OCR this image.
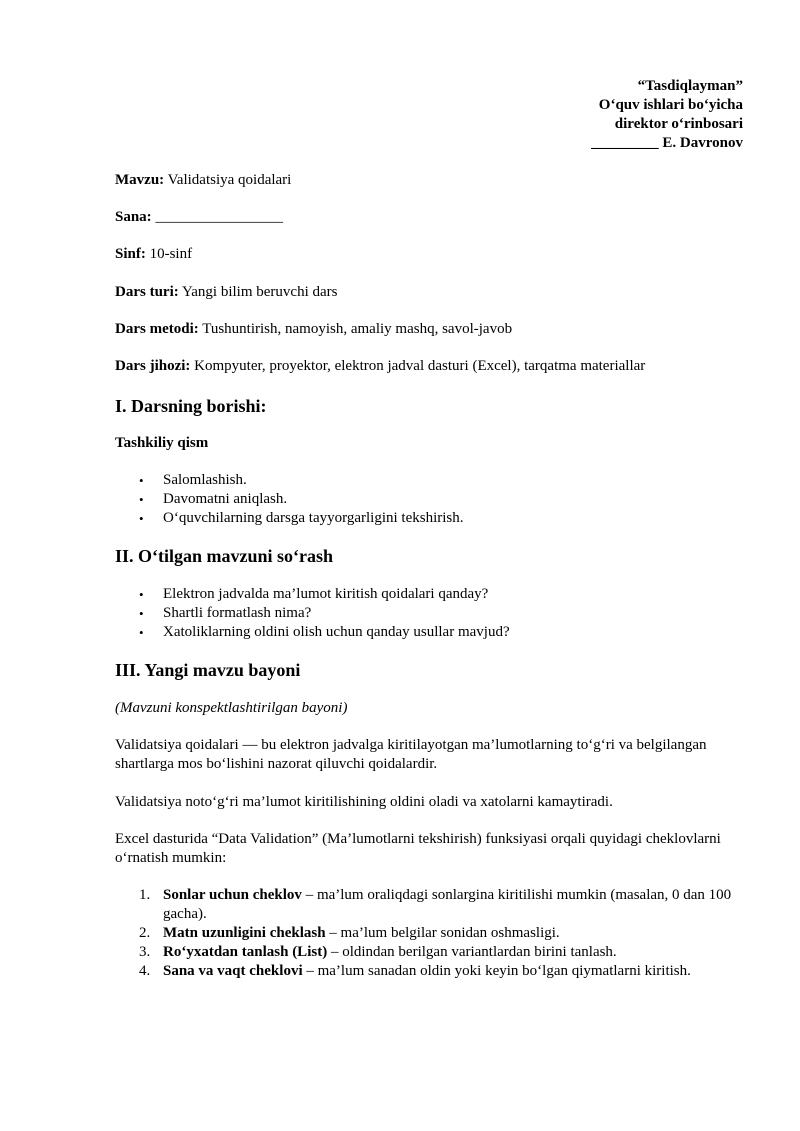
“Tasdiqlayman”
O‘quv ishlari bo‘yicha
direktor o‘rinbosari
_________ E. Davronov
Mavzu: Validatsiya qoidalari
Sana: _________________
Sinf: 10-sinf
Dars turi: Yangi bilim beruvchi dars
Dars metodi: Tushuntirish, namoyish, amaliy mashq, savol-javob
Dars jihozi: Kompyuter, proyektor, elektron jadval dasturi (Excel), tarqatma materiallar
I. Darsning borishi:
Tashkiliy qism
• Salomlashish.
• Davomatni aniqlash.
• O‘quvchilarning darsga tayyorgarligini tekshirish.
II. O‘tilgan mavzuni so‘rash
• Elektron jadvalda ma’lumot kiritish qoidalari qanday?
• Shartli formatlash nima?
• Xatoliklarning oldini olish uchun qanday usullar mavjud?
III. Yangi mavzu bayoni

(Mavzuni konspektlashtirilgan bayoni)

Validatsiya qoidalari — bu elektron jadvalga kiritilayotgan ma’lumotlarning to‘g‘ri va belgilangan shartlarga mos bo‘lishini nazorat qiluvchi qoidalardir.

Validatsiya noto‘g‘ri ma’lumot kiritilishining oldini oladi va xatolarni kamaytiradi.

Excel dasturida “Data Validation” (Ma’lumotlarni tekshirish) funksiyasi orqali quyidagi cheklovlarni o‘rnatish mumkin:

1. Sonlar uchun cheklov – ma’lum oraliqdagi sonlargina kiritilishi mumkin (masalan, 0 dan 100 gacha).
2. Matn uzunligini cheklash – ma’lum belgilar sonidan oshmasligi.
3. Ro‘yxatdan tanlash (List) – oldindan berilgan variantlardan birini tanlash.
4. Sana va vaqt cheklovi – ma’lum sanadan oldin yoki keyin bo‘lgan qiymatlarni kiritish.
